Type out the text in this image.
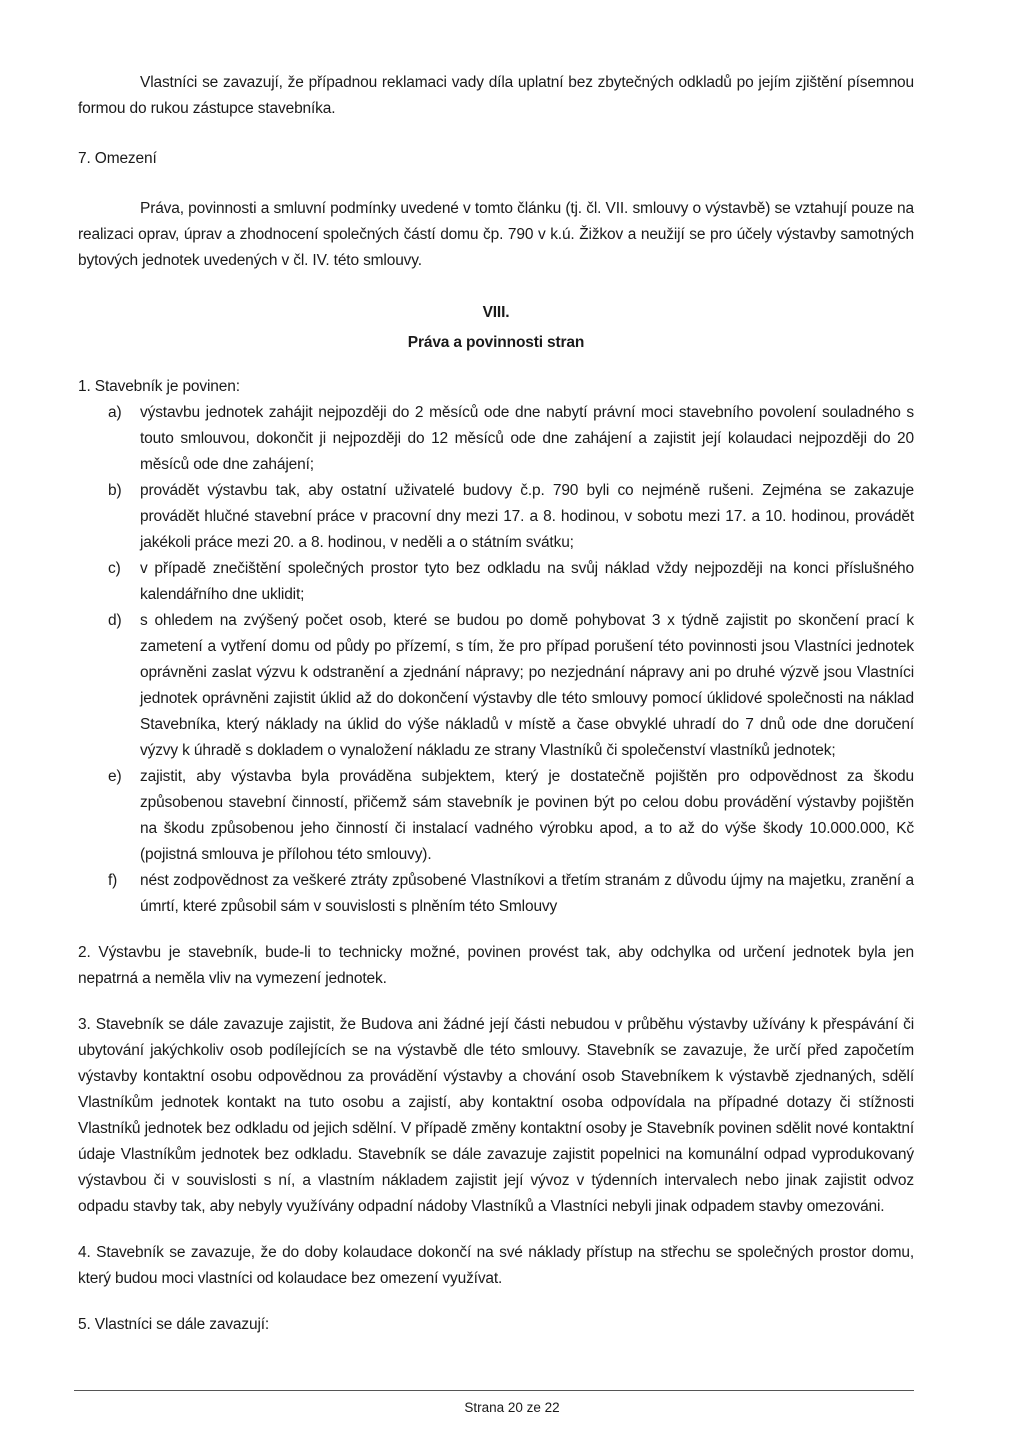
Vlastníci se zavazují, že případnou reklamaci vady díla uplatní bez zbytečných odkladů po jejím zjištění písemnou formou do rukou zástupce stavebníka.

7. Omezení

Práva, povinnosti a smluvní podmínky uvedené v tomto článku (tj. čl. VII. smlouvy o výstavbě) se vztahují pouze na realizaci oprav, úprav a zhodnocení společných částí domu čp. 790 v k.ú. Žižkov a neužijí se pro účely výstavby samotných bytových jednotek uvedených v čl. IV. této smlouvy.

VIII.

Práva a povinnosti stran

1. Stavebník je povinen:

a) výstavbu jednotek zahájit nejpozději do 2 měsíců ode dne nabytí právní moci stavebního povolení souladného s touto smlouvou, dokončit ji nejpozději do 12 měsíců ode dne zahájení a zajistit její kolaudaci nejpozději do 20 měsíců ode dne zahájení;
b) provádět výstavbu tak, aby ostatní uživatelé budovy č.p. 790 byli co nejméně rušeni. Zejména se zakazuje provádět hlučné stavební práce v pracovní dny mezi 17. a 8. hodinou, v sobotu mezi 17. a 10. hodinou, provádět jakékoli práce mezi 20. a 8. hodinou, v neděli a o státním svátku;
c) v případě znečištění společných prostor tyto bez odkladu na svůj náklad vždy nejpozději na konci příslušného kalendářního dne uklidit;
d) s ohledem na zvýšený počet osob, které se budou po domě pohybovat 3 x týdně zajistit po skončení prací k zametení a vytření domu od půdy po přízemí, s tím, že pro případ porušení této povinnosti jsou Vlastníci jednotek oprávněni zaslat výzvu k odstranění a zjednání nápravy; po nezjednání nápravy ani po druhé výzvě jsou Vlastníci jednotek oprávněni zajistit úklid až do dokončení výstavby dle této smlouvy pomocí úklidové společnosti na náklad Stavebníka, který náklady na úklid do výše nákladů v místě a čase obvyklé uhradí do 7 dnů ode dne doručení výzvy k úhradě s dokladem o vynaložení nákladu ze strany Vlastníků či společenství vlastníků jednotek;
e) zajistit, aby výstavba byla prováděna subjektem, který je dostatečně pojištěn pro odpovědnost za škodu způsobenou stavební činností, přičemž sám stavebník je povinen být po celou dobu provádění výstavby pojištěn na škodu způsobenou jeho činností či instalací vadného výrobku apod, a to až do výše škody 10.000.000, Kč (pojistná smlouva je přílohou této smlouvy).
f) nést zodpovědnost za veškeré ztráty způsobené Vlastníkovi a třetím stranám z důvodu újmy na majetku, zranění a úmrtí, které způsobil sám v souvislosti s plněním této Smlouvy

2. Výstavbu je stavebník, bude-li to technicky možné, povinen provést tak, aby odchylka od určení jednotek byla jen nepatrná a neměla vliv na vymezení jednotek.

3. Stavebník se dále zavazuje zajistit, že Budova ani žádné její části nebudou v průběhu výstavby užívány k přespávání či ubytování jakýchkoliv osob podílejících se na výstavbě dle této smlouvy. Stavebník se zavazuje, že určí před započetím výstavby kontaktní osobu odpovědnou za provádění výstavby a chování osob Stavebníkem k výstavbě zjednaných, sdělí Vlastníkům jednotek kontakt na tuto osobu a zajistí, aby kontaktní osoba odpovídala na případné dotazy či stížnosti Vlastníků jednotek bez odkladu od jejich sdělní. V případě změny kontaktní osoby je Stavebník povinen sdělit nové kontaktní údaje Vlastníkům jednotek bez odkladu. Stavebník se dále zavazuje zajistit popelnici na komunální odpad vyprodukovaný výstavbou či v souvislosti s ní, a vlastním nákladem zajistit její vývoz v týdenních intervalech nebo jinak zajistit odvoz odpadu stavby tak, aby nebyly využívány odpadní nádoby Vlastníků a Vlastníci nebyli jinak odpadem stavby omezováni.

4. Stavebník se zavazuje, že do doby kolaudace dokončí na své náklady přístup na střechu se společných prostor domu, který budou moci vlastníci od kolaudace bez omezení využívat.

5. Vlastníci se dále zavazují:

Strana 20 ze 22
